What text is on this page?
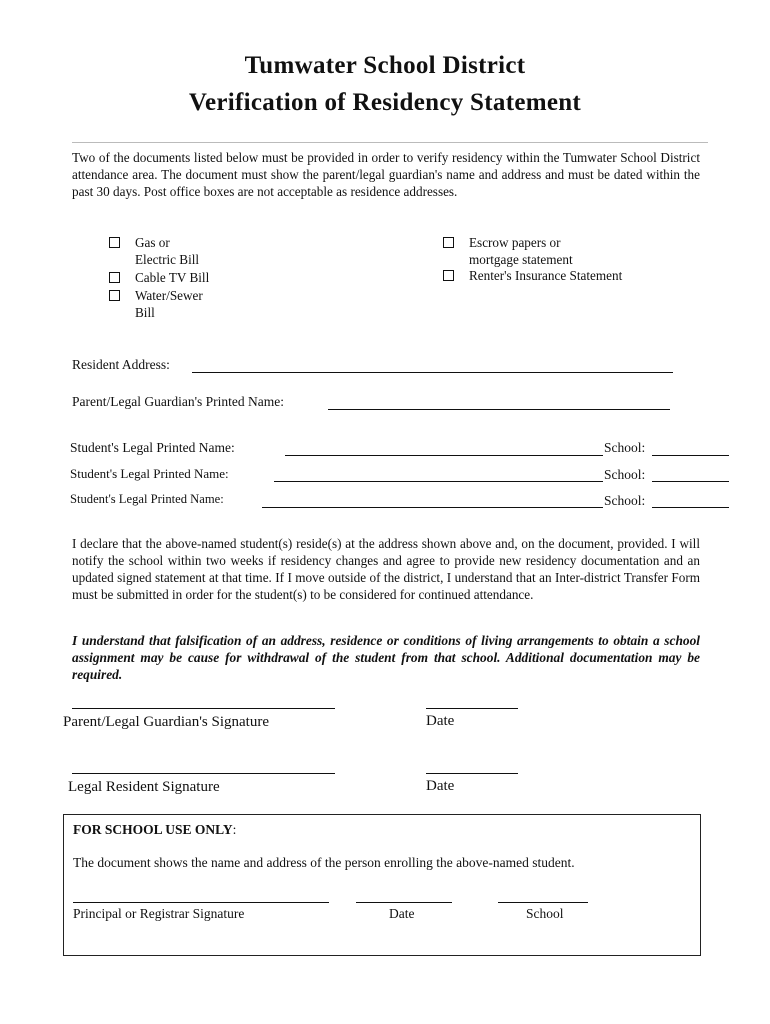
Tumwater School District
Verification of Residency Statement
Two of the documents listed below must be provided in order to verify residency within the Tumwater School District attendance area. The document must show the parent/legal guardian's name and address and must be dated within the past 30 days. Post office boxes are not acceptable as residence addresses.
Gas or
Electric Bill
Cable TV Bill
Water/Sewer
Bill
Escrow papers or
mortgage statement
Renter's Insurance Statement
Resident Address:
Parent/Legal Guardian's Printed Name:
Student's Legal Printed Name:	School:
Student's Legal Printed Name:	School:
Student's Legal Printed Name:	School:
I declare that the above-named student(s) reside(s) at the address shown above and, on the document, provided. I will notify the school within two weeks if residency changes and agree to provide new residency documentation and an updated signed statement at that time. If I move outside of the district, I understand that an Inter-district Transfer Form must be submitted in order for the student(s) to be considered for continued attendance.
I understand that falsification of an address, residence or conditions of living arrangements to obtain a school assignment may be cause for withdrawal of the student from that school. Additional documentation may be required.
Parent/Legal Guardian's Signature	Date
Legal Resident Signature	Date
FOR SCHOOL USE ONLY:
The document shows the name and address of the person enrolling the above-named student.
Principal or Registrar Signature	Date	School
